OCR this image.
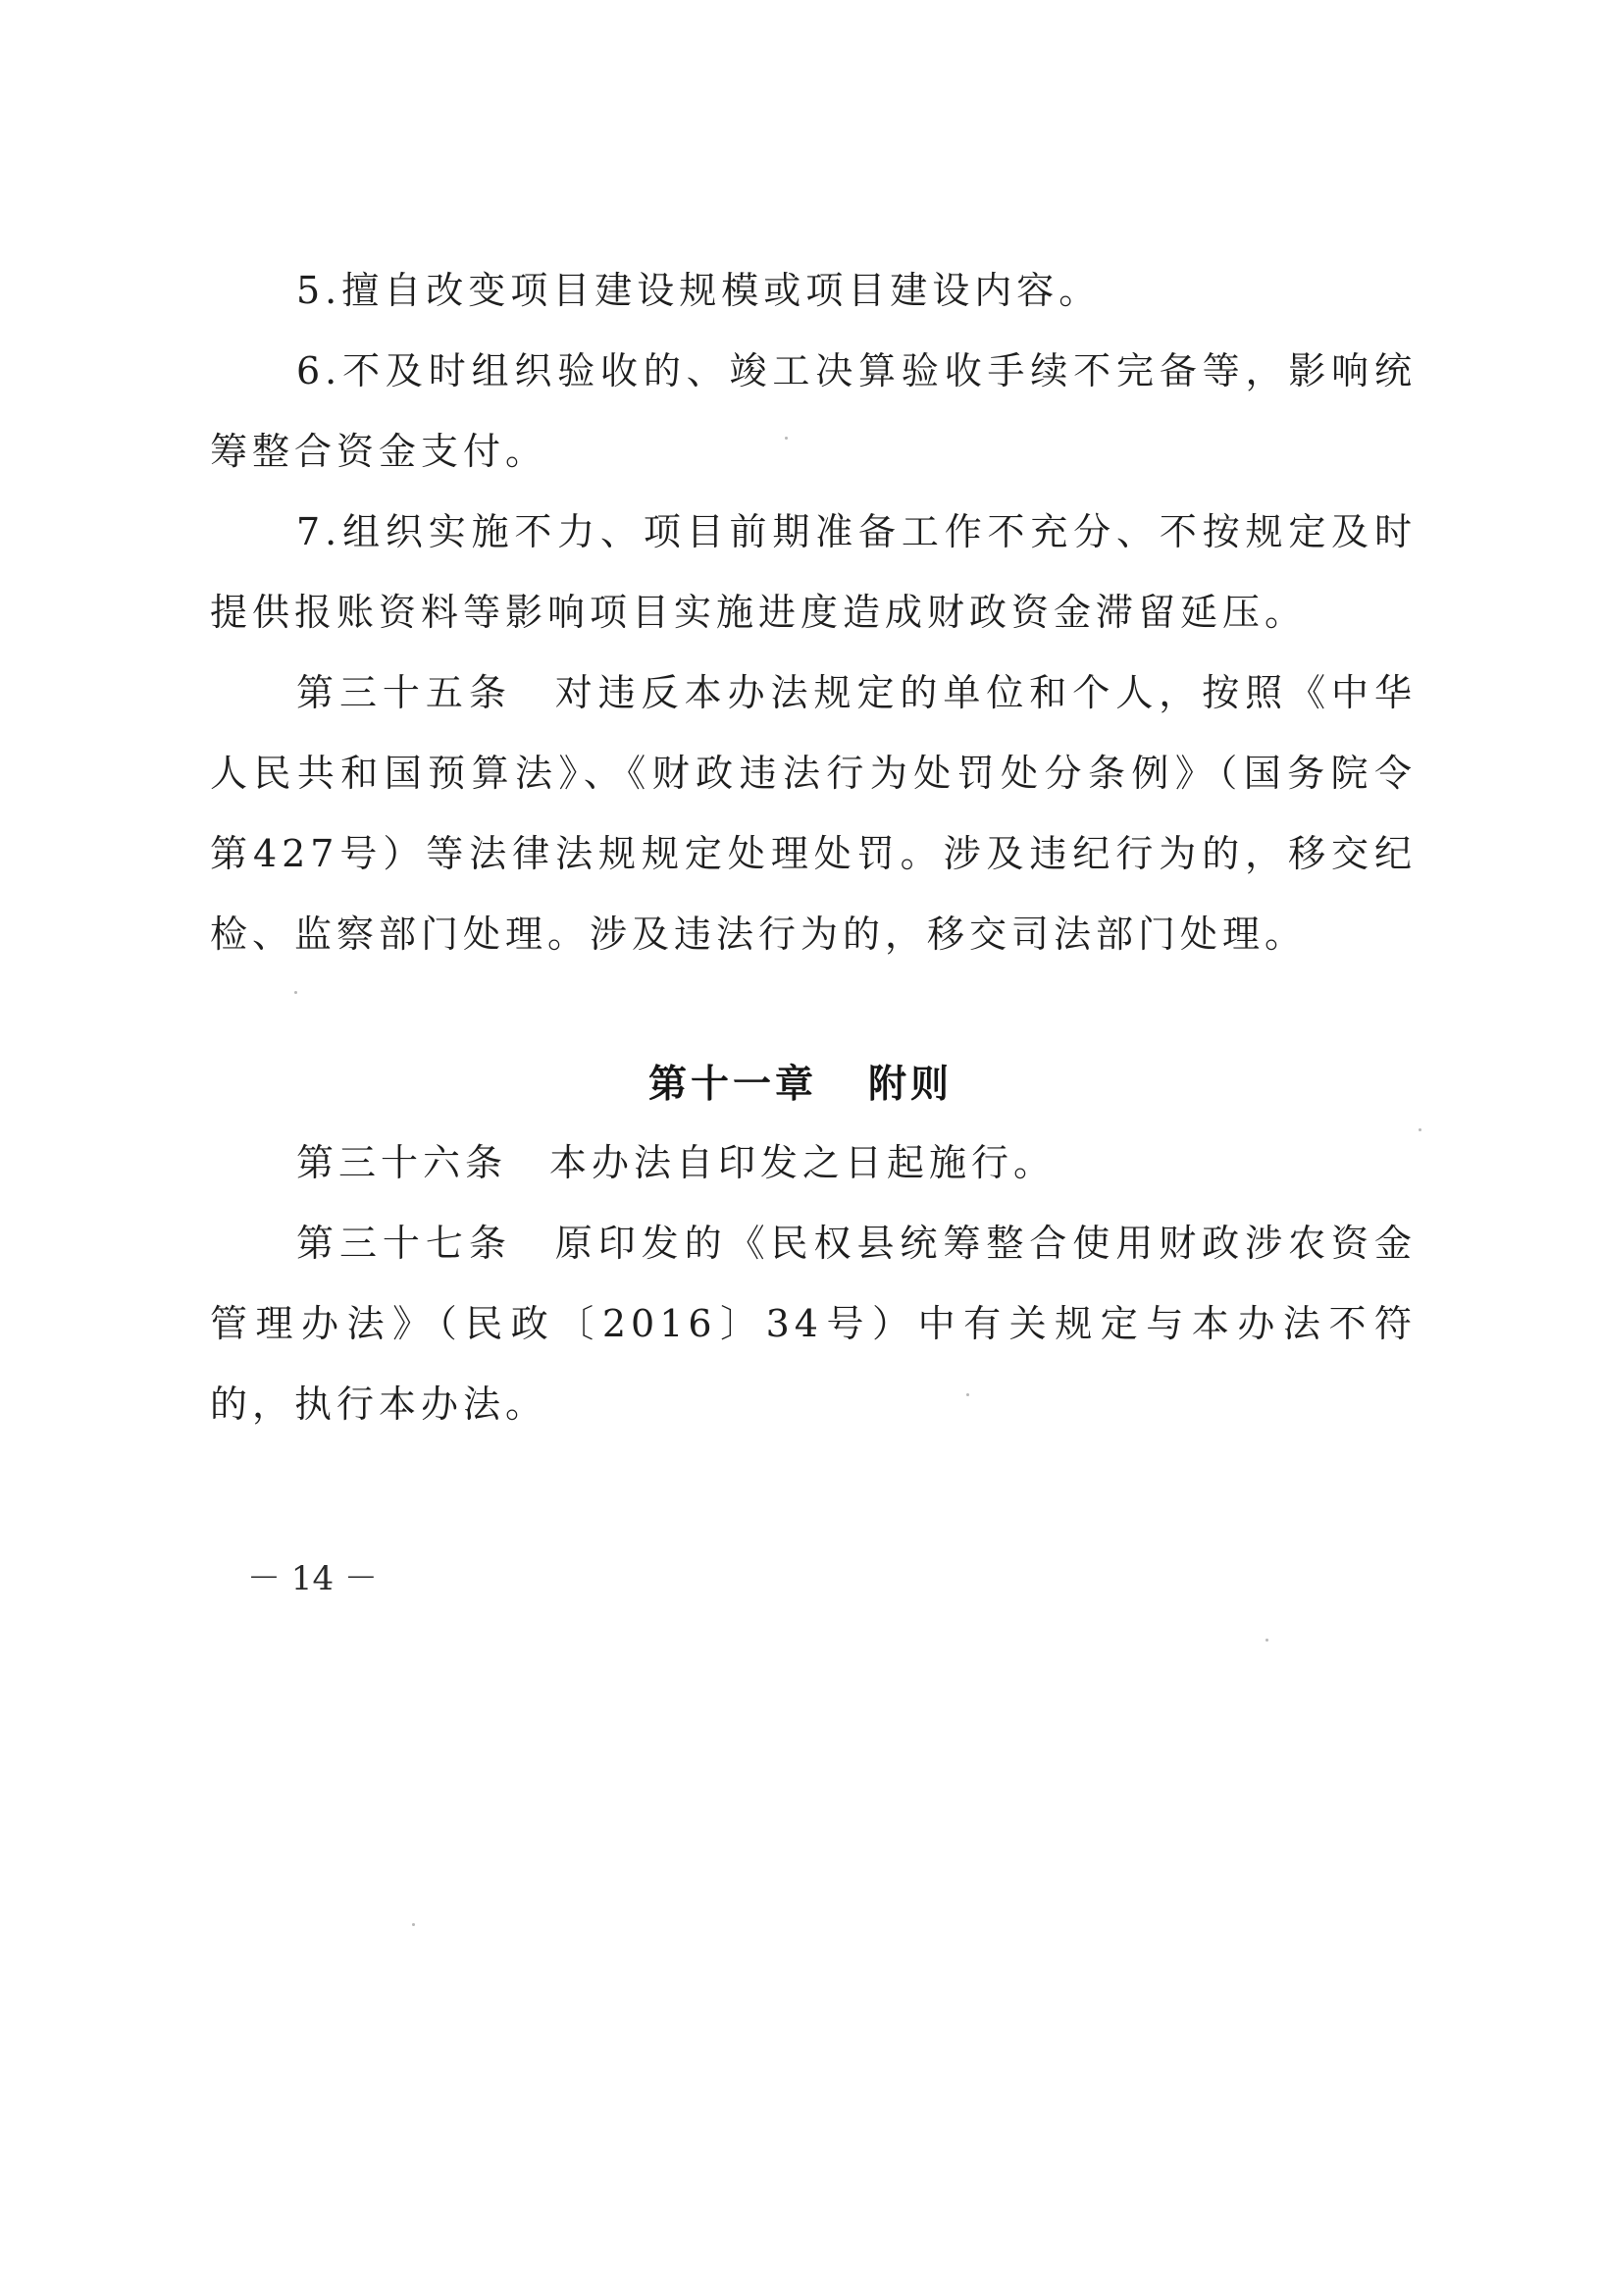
5.擅自改变项目建设规模或项目建设内容。

6.不及时组织验收的、竣工决算验收手续不完备等，影响统筹整合资金支付。

7.组织实施不力、项目前期准备工作不充分、不按规定及时提供报账资料等影响项目实施进度造成财政资金滞留延压。

第三十五条　对违反本办法规定的单位和个人，按照《中华人民共和国预算法》、《财政违法行为处罚处分条例》（国务院令第427号）等法律法规规定处理处罚。涉及违纪行为的，移交纪检、监察部门处理。涉及违法行为的，移交司法部门处理。

第十一章 附则

第三十六条　本办法自印发之日起施行。

第三十七条　原印发的《民权县统筹整合使用财政涉农资金管理办法》（民政〔2016〕34号）中有关规定与本办法不符的，执行本办法。

－ 14 －
